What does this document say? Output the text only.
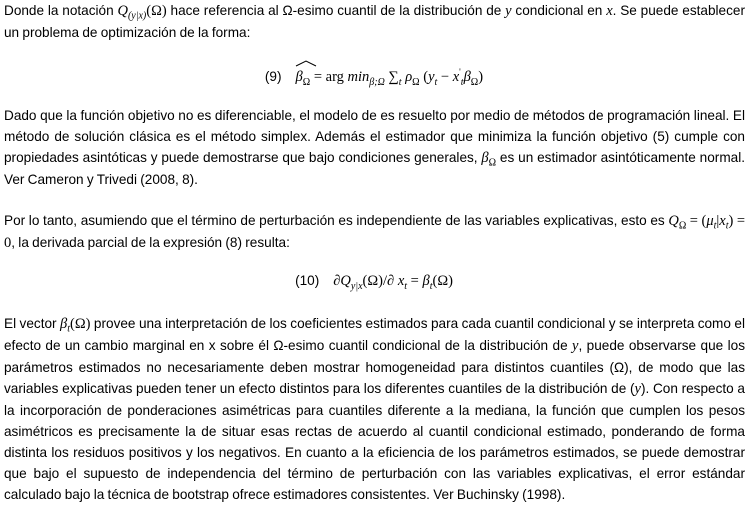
Donde la notación $Q_{(y|x)}(\Omega)$ hace referencia al Ω-esimo cuantil de la distribución de y condicional en x. Se puede establecer un problema de optimización de la forma:

(9) $\beta_\Omega$ = arg $\min_{\beta;\Omega} \sum_t$ $\rho_\Omega$ $(y_t - x'_t\beta_\Omega)$

Dado que la función objetivo no es diferenciable, el modelo de es resuelto por medio de métodos de programación lineal. El método de solución clásica es el método simplex. Además el estimador que minimiza la función objetivo (5) cumple con propiedades asintóticas y puede demostrarse que bajo condiciones generales, $\beta_\Omega$ es un estimador asintóticamente normal. Ver Cameron y Trivedi (2008, 8).

Por lo tanto, asumiendo que el término de perturbación es independiente de las variables explicativas, esto es $Q_\Omega = (\mu_t|x_t) = 0$, la derivada parcial de la expresión (8) resulta:

(10) $\partial Q_{y|x}(\Omega)/\partial$ $x_t = \beta_t(\Omega)$

El vector $\beta_t(\Omega)$ provee una interpretación de los coeficientes estimados para cada cuantil condicional y se interpreta como el efecto de un cambio marginal en x sobre él Ω-esimo cuantil condicional de la distribución de y, puede observarse que los parámetros estimados no necesariamente deben mostrar homogeneidad para distintos cuantiles (Ω), de modo que las variables explicativas pueden tener un efecto distintos para los diferentes cuantiles de la distribución de (y). Con respecto a la incorporación de ponderaciones asimétricas para cuantiles diferente a la mediana, la función que cumplen los pesos asimétricos es precisamente la de situar esas rectas de acuerdo al cuantil condicional estimado, ponderando de forma distinta los residuos positivos y los negativos. En cuanto a la eficiencia de los parámetros estimados, se puede demostrar que bajo el supuesto de independencia del término de perturbación con las variables explicativas, el error estándar calculado bajo la técnica de bootstrap ofrece estimadores consistentes. Ver Buchinsky (1998).
